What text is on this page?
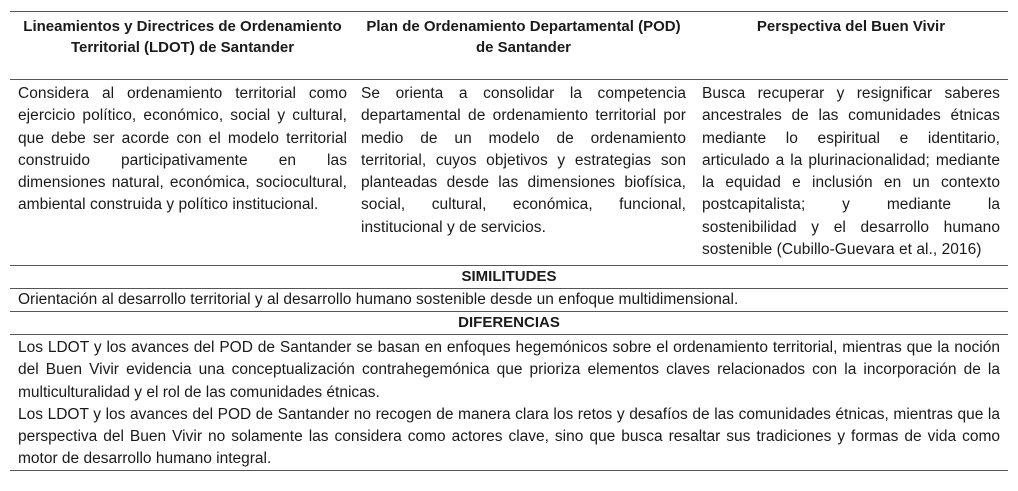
Lineamientos y Directrices de Ordenamiento Territorial (LDOT) de Santander
Plan de Ordenamiento Departamental (POD) de Santander
Perspectiva del Buen Vivir
Considera al ordenamiento territorial como ejercicio político, económico, social y cultural, que debe ser acorde con el modelo territorial construido participativamente en las dimensiones natural, económica, sociocultural, ambiental construida y político institucional.
Se orienta a consolidar la competencia departamental de ordenamiento territorial por medio de un modelo de ordenamiento territorial, cuyos objetivos y estrategias son planteadas desde las dimensiones biofísica, social, cultural, económica, funcional, institucional y de servicios.
Busca recuperar y resignificar saberes ancestrales de las comunidades étnicas mediante lo espiritual e identitario, articulado a la plurinacionalidad; mediante la equidad e inclusión en un contexto postcapitalista; y mediante la sostenibilidad y el desarrollo humano sostenible (Cubillo-Guevara et al., 2016)
SIMILITUDES
Orientación al desarrollo territorial y al desarrollo humano sostenible desde un enfoque multidimensional.
DIFERENCIAS
Los LDOT y los avances del POD de Santander se basan en enfoques hegemónicos sobre el ordenamiento territorial, mientras que la noción del Buen Vivir evidencia una conceptualización contrahegemónica que prioriza elementos claves relacionados con la incorporación de la multiculturalidad y el rol de las comunidades étnicas.
Los LDOT y los avances del POD de Santander no recogen de manera clara los retos y desafíos de las comunidades étnicas, mientras que la perspectiva del Buen Vivir no solamente las considera como actores clave, sino que busca resaltar sus tradiciones y formas de vida como motor de desarrollo humano integral.
